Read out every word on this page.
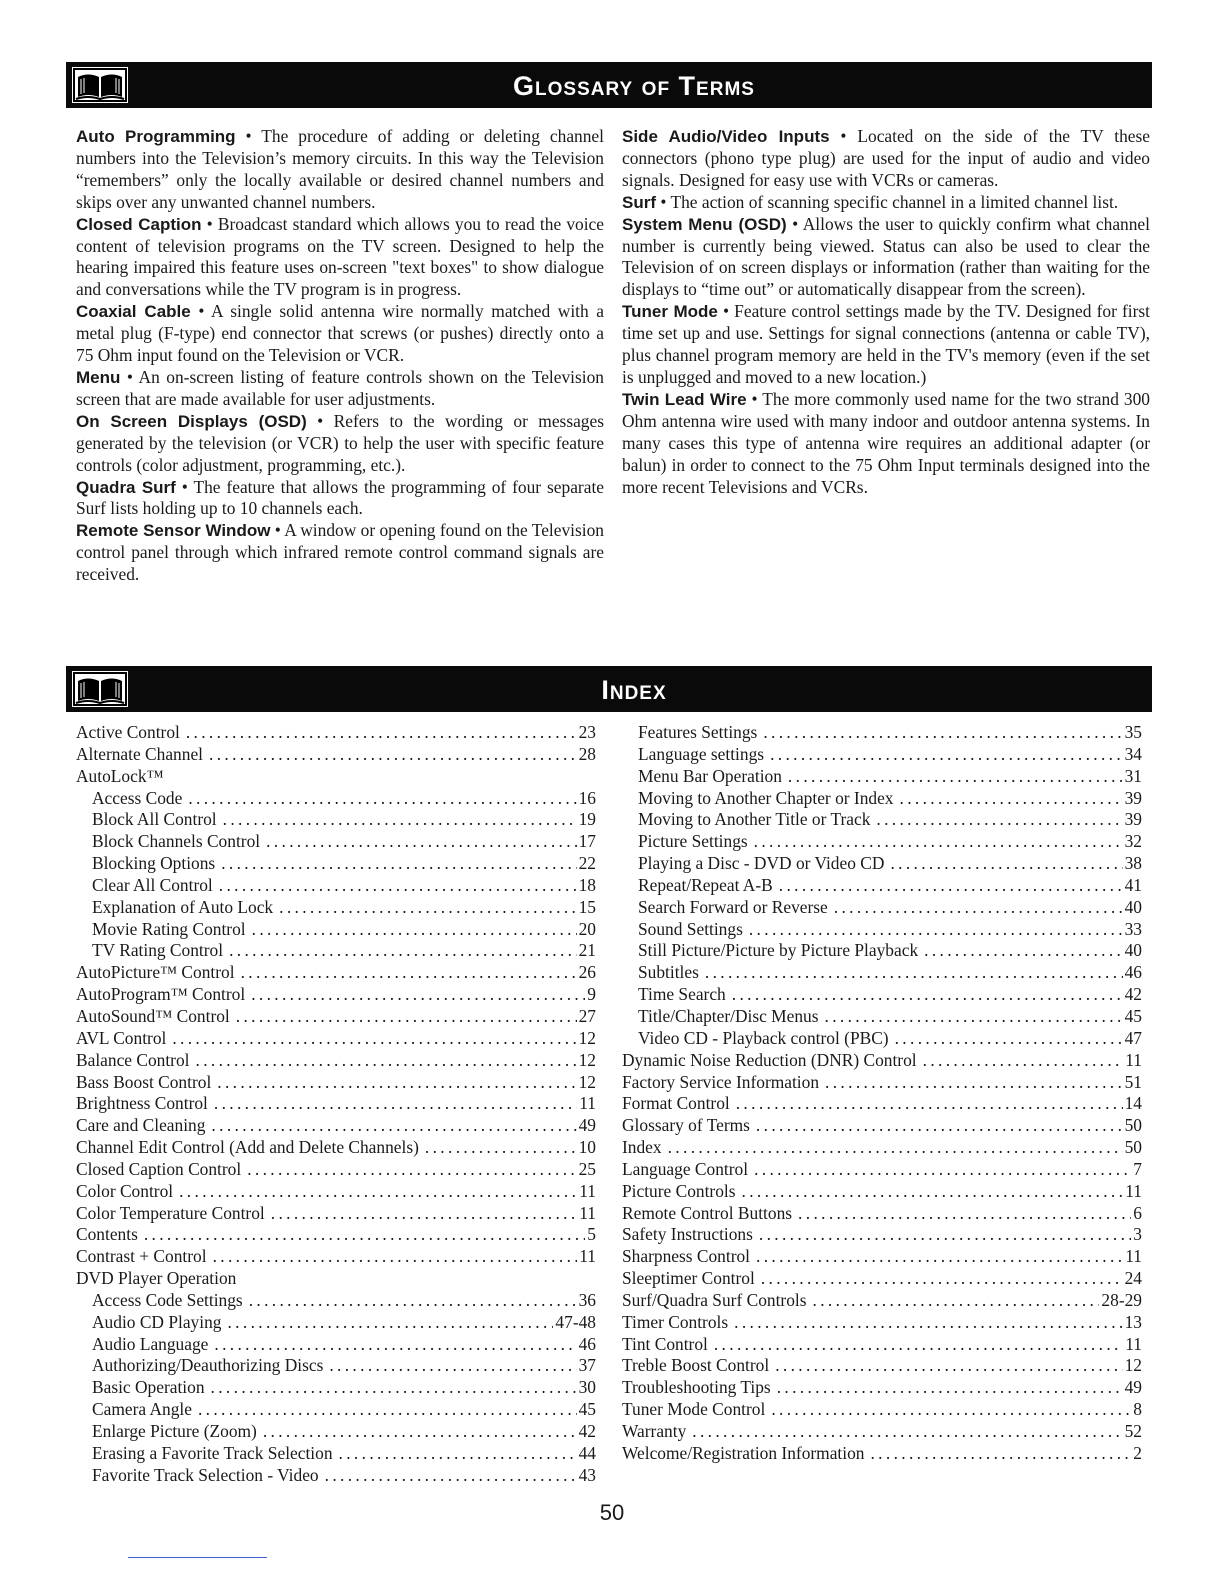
Glossary of Terms

Auto Programming • The procedure of adding or deleting channel numbers into the Television’s memory circuits. In this way the Television “remembers” only the locally available or desired channel numbers and skips over any unwanted channel numbers.

Closed Caption • Broadcast standard which allows you to read the voice content of television programs on the TV screen. Designed to help the hearing impaired this feature uses on-screen "text boxes" to show dialogue and conversations while the TV program is in progress.

Coaxial Cable • A single solid antenna wire normally matched with a metal plug (F-type) end connector that screws (or pushes) directly onto a 75 Ohm input found on the Television or VCR.

Menu • An on-screen listing of feature controls shown on the Television screen that are made available for user adjustments.

On Screen Displays (OSD) • Refers to the wording or messages generated by the television (or VCR) to help the user with specific feature controls (color adjustment, programming, etc.).

Quadra Surf • The feature that allows the programming of four separate Surf lists holding up to 10 channels each.

Remote Sensor Window • A window or opening found on the Television control panel through which infrared remote control command signals are received.

Side Audio/Video Inputs • Located on the side of the TV these connectors (phono type plug) are used for the input of audio and video signals. Designed for easy use with VCRs or cameras.

Surf • The action of scanning specific channel in a limited channel list.

System Menu (OSD) • Allows the user to quickly confirm what channel number is currently being viewed. Status can also be used to clear the Television of on screen displays or information (rather than waiting for the displays to “time out” or automatically disappear from the screen).

Tuner Mode • Feature control settings made by the TV. Designed for first time set up and use. Settings for signal connections (antenna or cable TV), plus channel program memory are held in the TV's memory (even if the set is unplugged and moved to a new location.)

Twin Lead Wire • The more commonly used name for the two strand 300 Ohm antenna wire used with many indoor and outdoor antenna systems. In many cases this type of antenna wire requires an additional adapter (or balun) in order to connect to the 75 Ohm Input terminals designed into the more recent Televisions and VCRs.

Index
Active Control . . .	23
Alternate Channel . . .	28
AutoLock™
Access Code . . .	16
Block All Control . . .	19
Block Channels Control . . .	17
Blocking Options . . .	22
Clear All Control . . .	18
Explanation of Auto Lock . . .	15
Movie Rating Control . . .	20
TV Rating Control . . .	21
AutoPicture™ Control . . .	26
AutoProgram™ Control . . .	9
AutoSound™ Control . . .	27
AVL Control . . .	12
Balance Control . . .	12
Bass Boost Control . . .	12
Brightness Control . . .	11
Care and Cleaning . . .	49
Channel Edit Control (Add and Delete Channels) . . .	10
Closed Caption Control . . .	25
Color Control . . .	11
Color Temperature Control . . .	11
Contents . . .	5
Contrast + Control . . .	11
DVD Player Operation
Access Code Settings . . .	36
Audio CD Playing . . .	47-48
Audio Language . . .	46
Authorizing/Deauthorizing Discs . . .	37
Basic Operation . . .	30
Camera Angle . . .	45
Enlarge Picture (Zoom) . . .	42
Erasing a Favorite Track Selection . . .	44
Favorite Track Selection - Video . . .	43
Features Settings . . .	35
Language settings . . .	34
Menu Bar Operation . . .	31
Moving to Another Chapter or Index . . .	39
Moving to Another Title or Track . . .	39
Picture Settings . . .	32
Playing a Disc - DVD or Video CD . . .	38
Repeat/Repeat A-B . . .	41
Search Forward or Reverse . . .	40
Sound Settings . . .	33
Still Picture/Picture by Picture Playback . . .	40
Subtitles . . .	46
Time Search . . .	42
Title/Chapter/Disc Menus . . .	45
Video CD - Playback control (PBC) . . .	47
Dynamic Noise Reduction (DNR) Control . . .	11
Factory Service Information . . .	51
Format Control . . .	14
Glossary of Terms . . .	50
Index . . .	50
Language Control . . .	7
Picture Controls . . .	11
Remote Control Buttons . . .	6
Safety Instructions . . .	3
Sharpness Control . . .	11
Sleeptimer Control . . .	24
Surf/Quadra Surf Controls . . .	28-29
Timer Controls . . .	13
Tint Control . . .	11
Treble Boost Control . . .	12
Troubleshooting Tips . . .	49
Tuner Mode Control . . .	8
Warranty . . .	52
Welcome/Registration Information . . .	2
50
